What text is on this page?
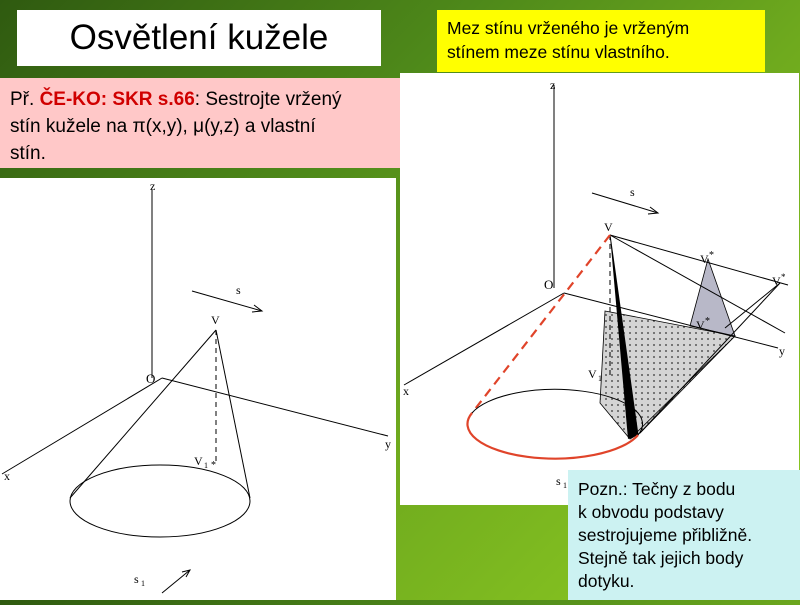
Osvětlení kužele	Mez stínu vrženého je vrženým
stínem meze stínu vlastního.
Př. ČE-KO: SKR s.66: Sestrojte vržený
stín kužele na π(x,y), μ(y,z) a vlastní
stín.
z
O
y
x
s
V
V 1 *
s 1
z
O
y
x
s
V
V 1
V *
V *
V *
s 1 Pozn.: Tečny z bodu
k obvodu podstavy
sestrojujeme přibližně.
Stejně tak jejich body
dotyku.
